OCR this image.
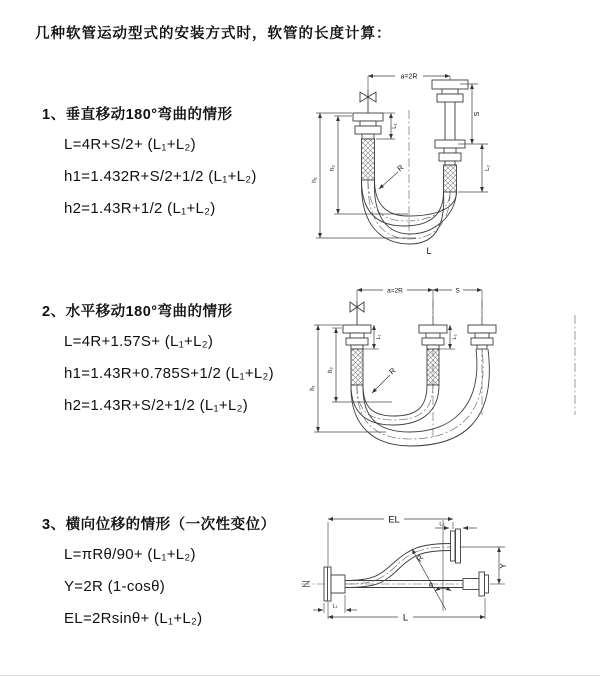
几种软管运动型式的安装方式时，软管的长度计算：
1、垂直移动180°弯曲的情形
L=4R+S/2+ (L₁+L₂)
h1=1.432R+S/2+1/2 (L₁+L₂)
h2=1.43R+1/2 (L₁+L₂)
a=2R
L₁
S
L₂
h₁
h₂	R
L
2、水平移动180°弯曲的情形
L=4R+1.57S+ (L₁+L₂)
h1=1.43R+0.785S+1/2 (L₁+L₂)
h2=1.43R+S/2+1/2 (L₁+L₂)
a=2R	S
L₁	L₂
h₁
h₂	R
3、横向位移的情形（一次性变位）
L=πRθ/90+ (L₁+L₂)
Y=2R (1-cosθ)
EL=2Rsinθ+ (L₁+L₂)
EL	L₂
Y
R
θ
L₁
L
